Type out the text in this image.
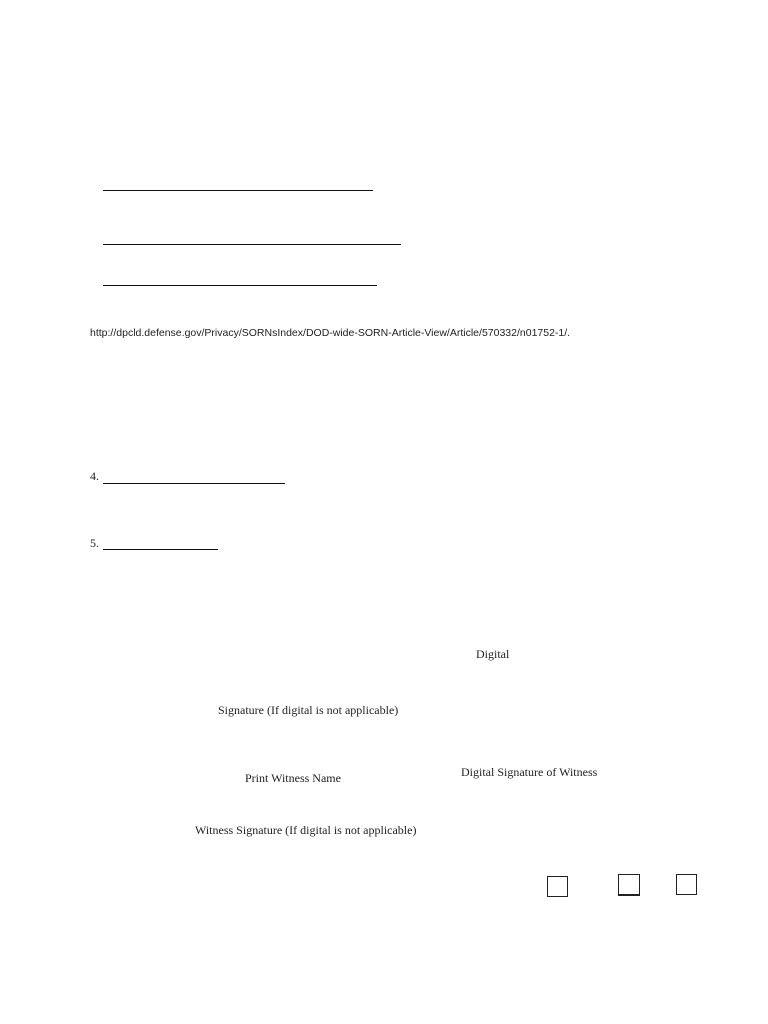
http://dpcld.defense.gov/Privacy/SORNsIndex/DOD-wide-SORN-Article-View/Article/570332/n01752-1/.
4.
5.
Digital
Signature (If digital is not applicable)
Print Witness Name	Digital Signature of Witness
Witness Signature (If digital is not applicable)
